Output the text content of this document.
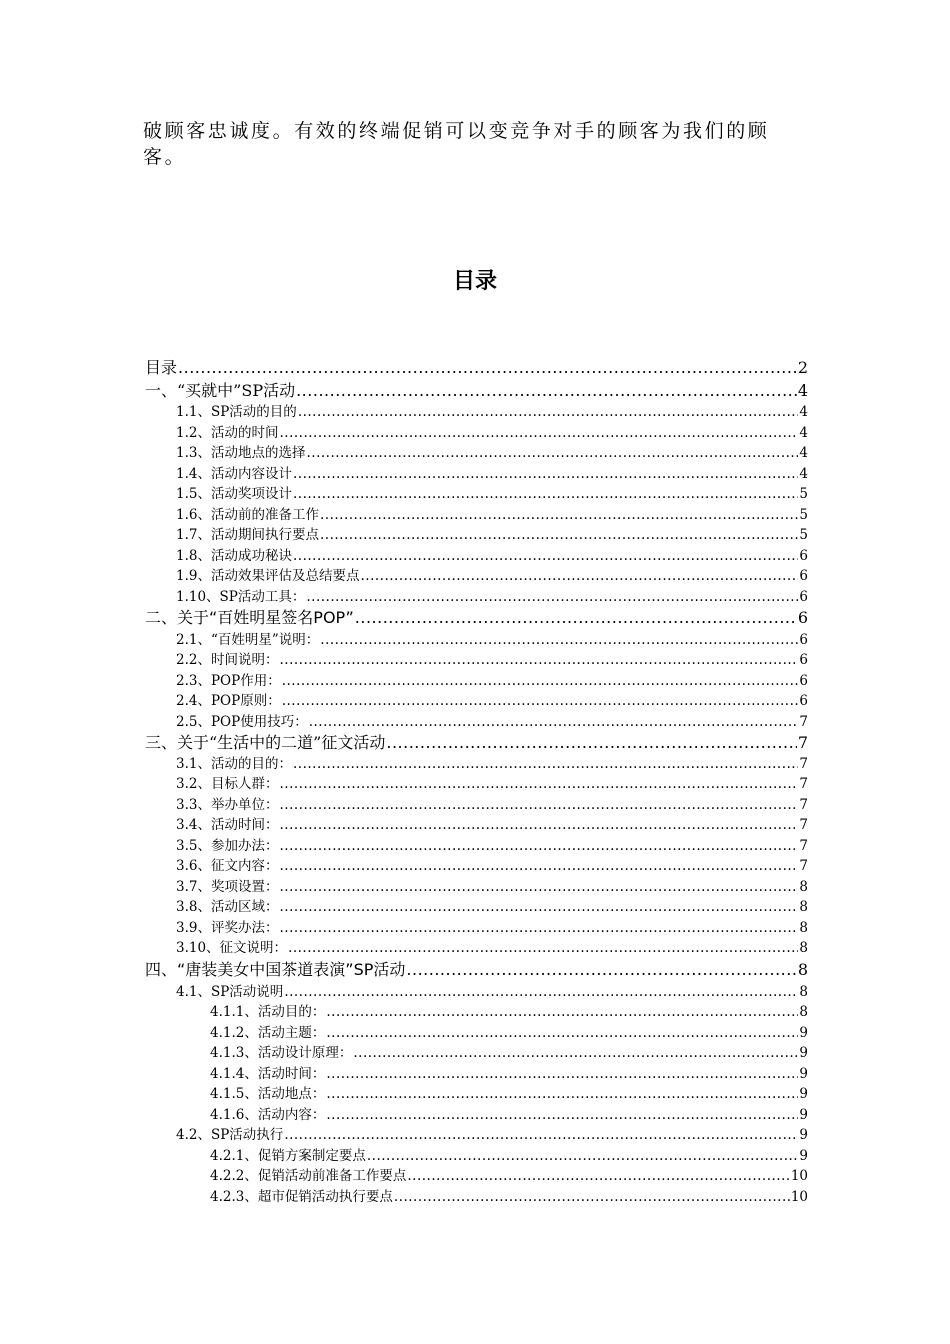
破顾客忠诚度。有效的终端促销可以变竞争对手的顾客为我们的顾客。

目录
目录 .....	2
一、“买就中”SP活动 .....	4
1.1、SP活动的目的 .....	4
1.2、活动的时间 .....	4
1.3、活动地点的选择 .....	4
1.4、活动内容设计 .....	4
1.5、活动奖项设计 .....	5
1.6、活动前的准备工作 .....	5
1.7、活动期间执行要点 .....	5
1.8、活动成功秘诀 .....	6
1.9、活动效果评估及总结要点 .....	6
1.10、SP活动工具： .....	6
二、关于“百姓明星签名POP” .....	6
2.1、“百姓明星”说明： .....	6
2.2、时间说明： .....	6
2.3、POP作用： .....	6
2.4、POP原则： .....	6
2.5、POP使用技巧： .....	7
三、关于“生活中的二道”征文活动 .....	7
3.1、活动的目的： .....	7
3.2、目标人群： .....	7
3.3、举办单位： .....	7
3.4、活动时间： .....	7
3.5、参加办法： .....	7
3.6、征文内容： .....	7
3.7、奖项设置： .....	8
3.8、活动区域： .....	8
3.9、评奖办法： .....	8
3.10、征文说明： .....	8
四、“唐装美女中国茶道表演”SP活动 .....	8
4.1、SP活动说明 .....	8
4.1.1、活动目的： .....	8
4.1.2、活动主题： .....	9
4.1.3、活动设计原理： .....	9
4.1.4、活动时间： .....	9
4.1.5、活动地点： .....	9
4.1.6、活动内容： .....	9
4.2、SP活动执行 .....	9
4.2.1、促销方案制定要点 .....	9
4.2.2、促销活动前准备工作要点 .....	10
4.2.3、超市促销活动执行要点 .....	10
